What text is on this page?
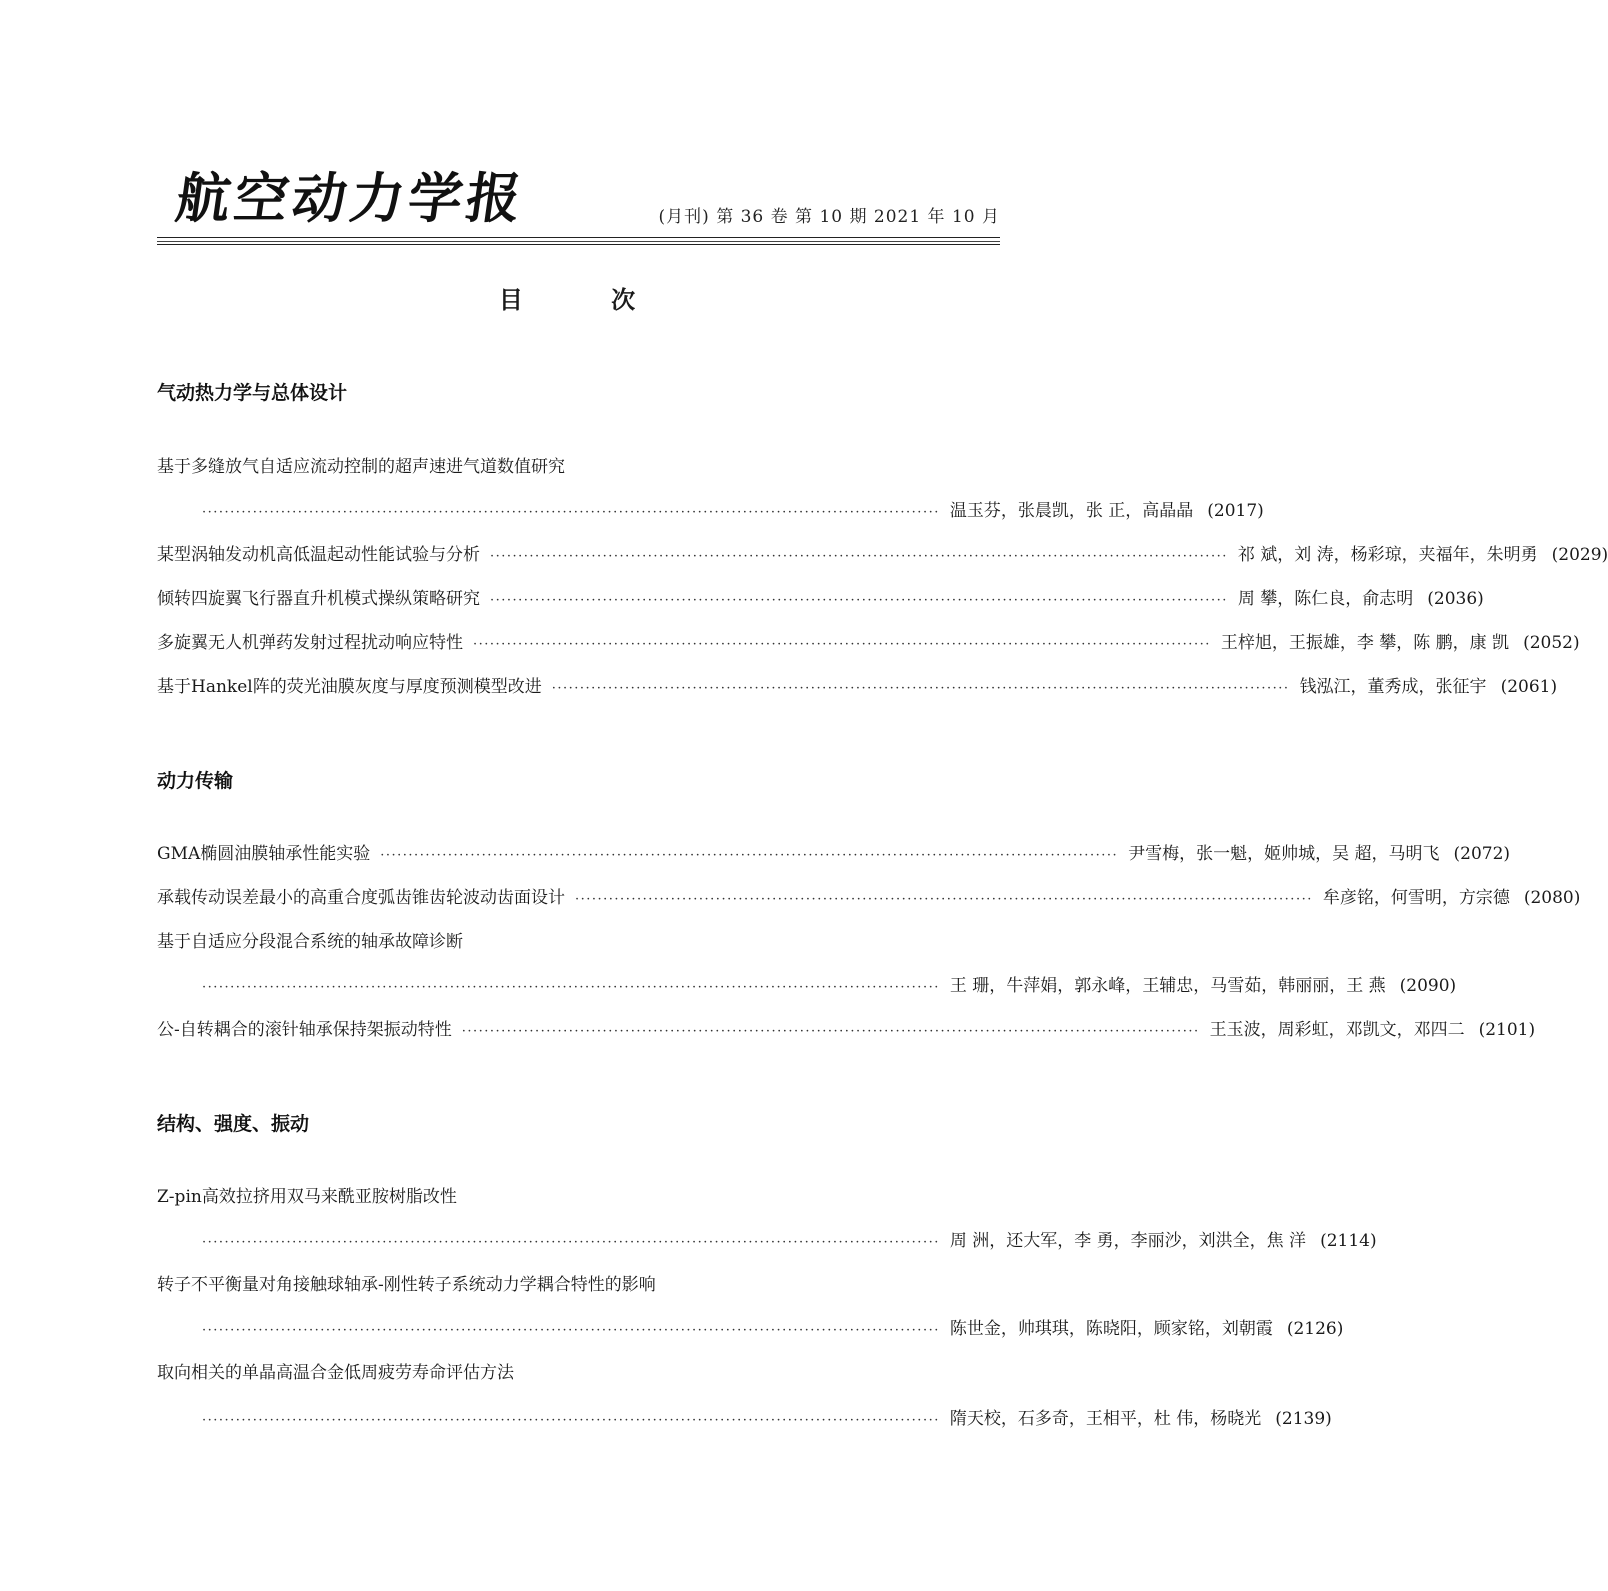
航空动力学报	(月刊) 第 36 卷 第 10 期 2021 年 10 月
目 次
气动热力学与总体设计
基于多缝放气自适应流动控制的超声速进气道数值研究
··································································································································· 温玉芬，张晨凯，张 正，高晶晶 (2017)
某型涡轴发动机高低温起动性能试验与分析 ··································································································································· 祁 斌，刘 涛，杨彩琼，夹福年，朱明勇 (2029)
倾转四旋翼飞行器直升机模式操纵策略研究 ··································································································································· 周 攀，陈仁良，俞志明 (2036)
多旋翼无人机弹药发射过程扰动响应特性 ··································································································································· 王梓旭，王振雄，李 攀，陈 鹏，康 凯 (2052)
基于Hankel阵的荧光油膜灰度与厚度预测模型改进 ··································································································································· 钱泓江，董秀成，张征宇 (2061)
动力传输
GMA椭圆油膜轴承性能实验 ··································································································································· 尹雪梅，张一魁，姬帅城，吴 超，马明飞 (2072)
承载传动误差最小的高重合度弧齿锥齿轮波动齿面设计 ··································································································································· 牟彦铭，何雪明，方宗德 (2080)
基于自适应分段混合系统的轴承故障诊断
··································································································································· 王 珊，牛萍娟，郭永峰，王辅忠，马雪茹，韩丽丽，王 燕 (2090)
公-自转耦合的滚针轴承保持架振动特性 ··································································································································· 王玉波，周彩虹，邓凯文，邓四二 (2101)
结构、强度、振动
Z-pin高效拉挤用双马来酰亚胺树脂改性
··································································································································· 周 洲，还大军，李 勇，李丽沙，刘洪全，焦 洋 (2114)
转子不平衡量对角接触球轴承-刚性转子系统动力学耦合特性的影响
··································································································································· 陈世金，帅琪琪，陈晓阳，顾家铭，刘朝霞 (2126)
取向相关的单晶高温合金低周疲劳寿命评估方法
··································································································································· 隋天校，石多奇，王相平，杜 伟，杨晓光 (2139)
